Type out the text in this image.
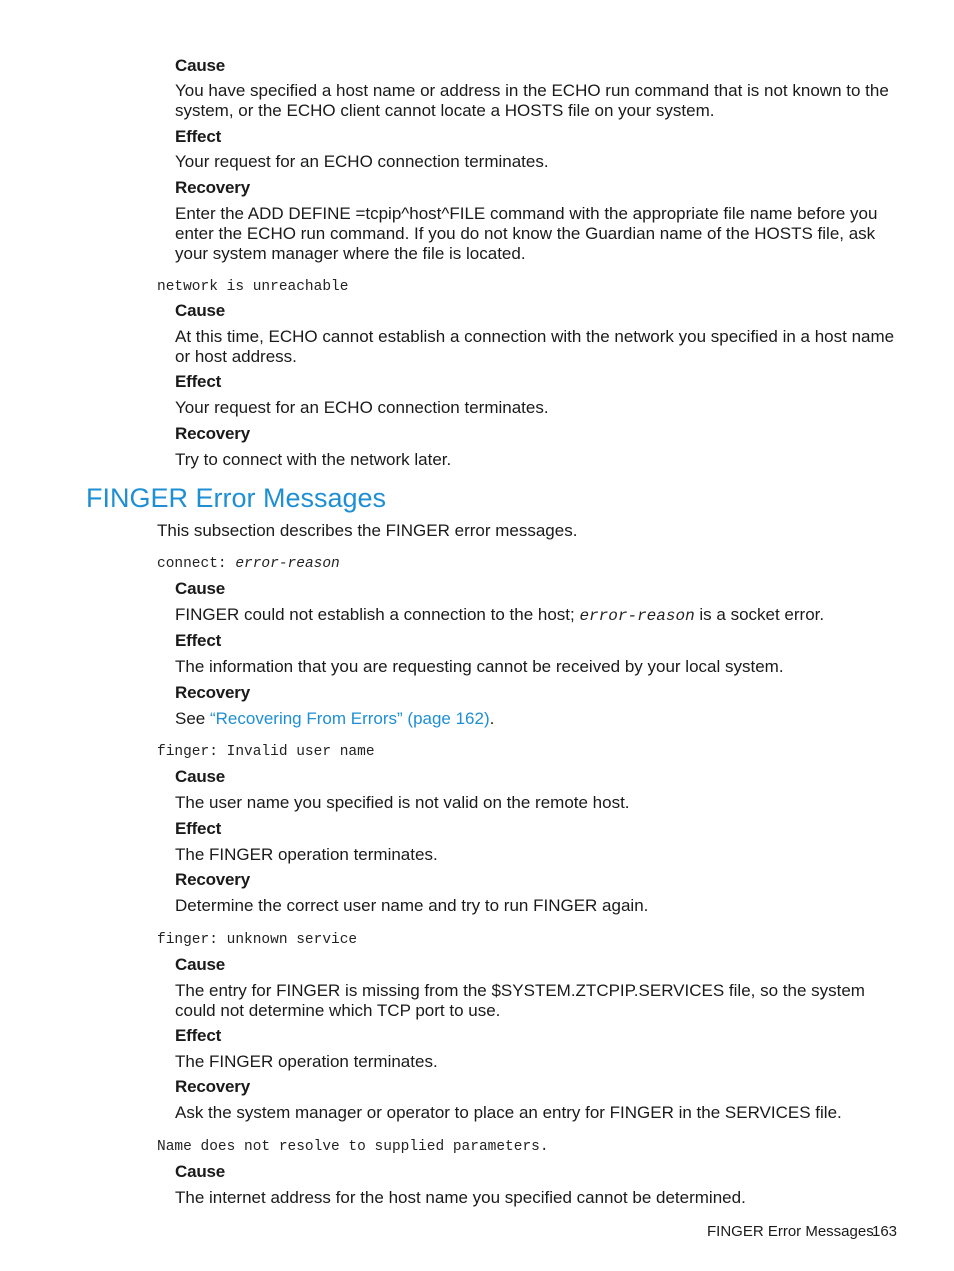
Cause
You have specified a host name or address in the ECHO run command that is not known to the system, or the ECHO client cannot locate a HOSTS file on your system.
Effect
Your request for an ECHO connection terminates.
Recovery
Enter the ADD DEFINE =tcpip^host^FILE command with the appropriate file name before you enter the ECHO run command. If you do not know the Guardian name of the HOSTS file, ask your system manager where the file is located.
network is unreachable
Cause
At this time, ECHO cannot establish a connection with the network you specified in a host name or host address.
Effect
Your request for an ECHO connection terminates.
Recovery
Try to connect with the network later.
FINGER Error Messages
This subsection describes the FINGER error messages.
connect: error-reason
Cause
FINGER could not establish a connection to the host; error-reason is a socket error.
Effect
The information that you are requesting cannot be received by your local system.
Recovery
See “Recovering From Errors” (page 162).
finger: Invalid user name
Cause
The user name you specified is not valid on the remote host.
Effect
The FINGER operation terminates.
Recovery
Determine the correct user name and try to run FINGER again.
finger: unknown service
Cause
The entry for FINGER is missing from the $SYSTEM.ZTCPIP.SERVICES file, so the system could not determine which TCP port to use.
Effect
The FINGER operation terminates.
Recovery
Ask the system manager or operator to place an entry for FINGER in the SERVICES file.
Name does not resolve to supplied parameters.
Cause
The internet address for the host name you specified cannot be determined.
FINGER Error Messages
163
